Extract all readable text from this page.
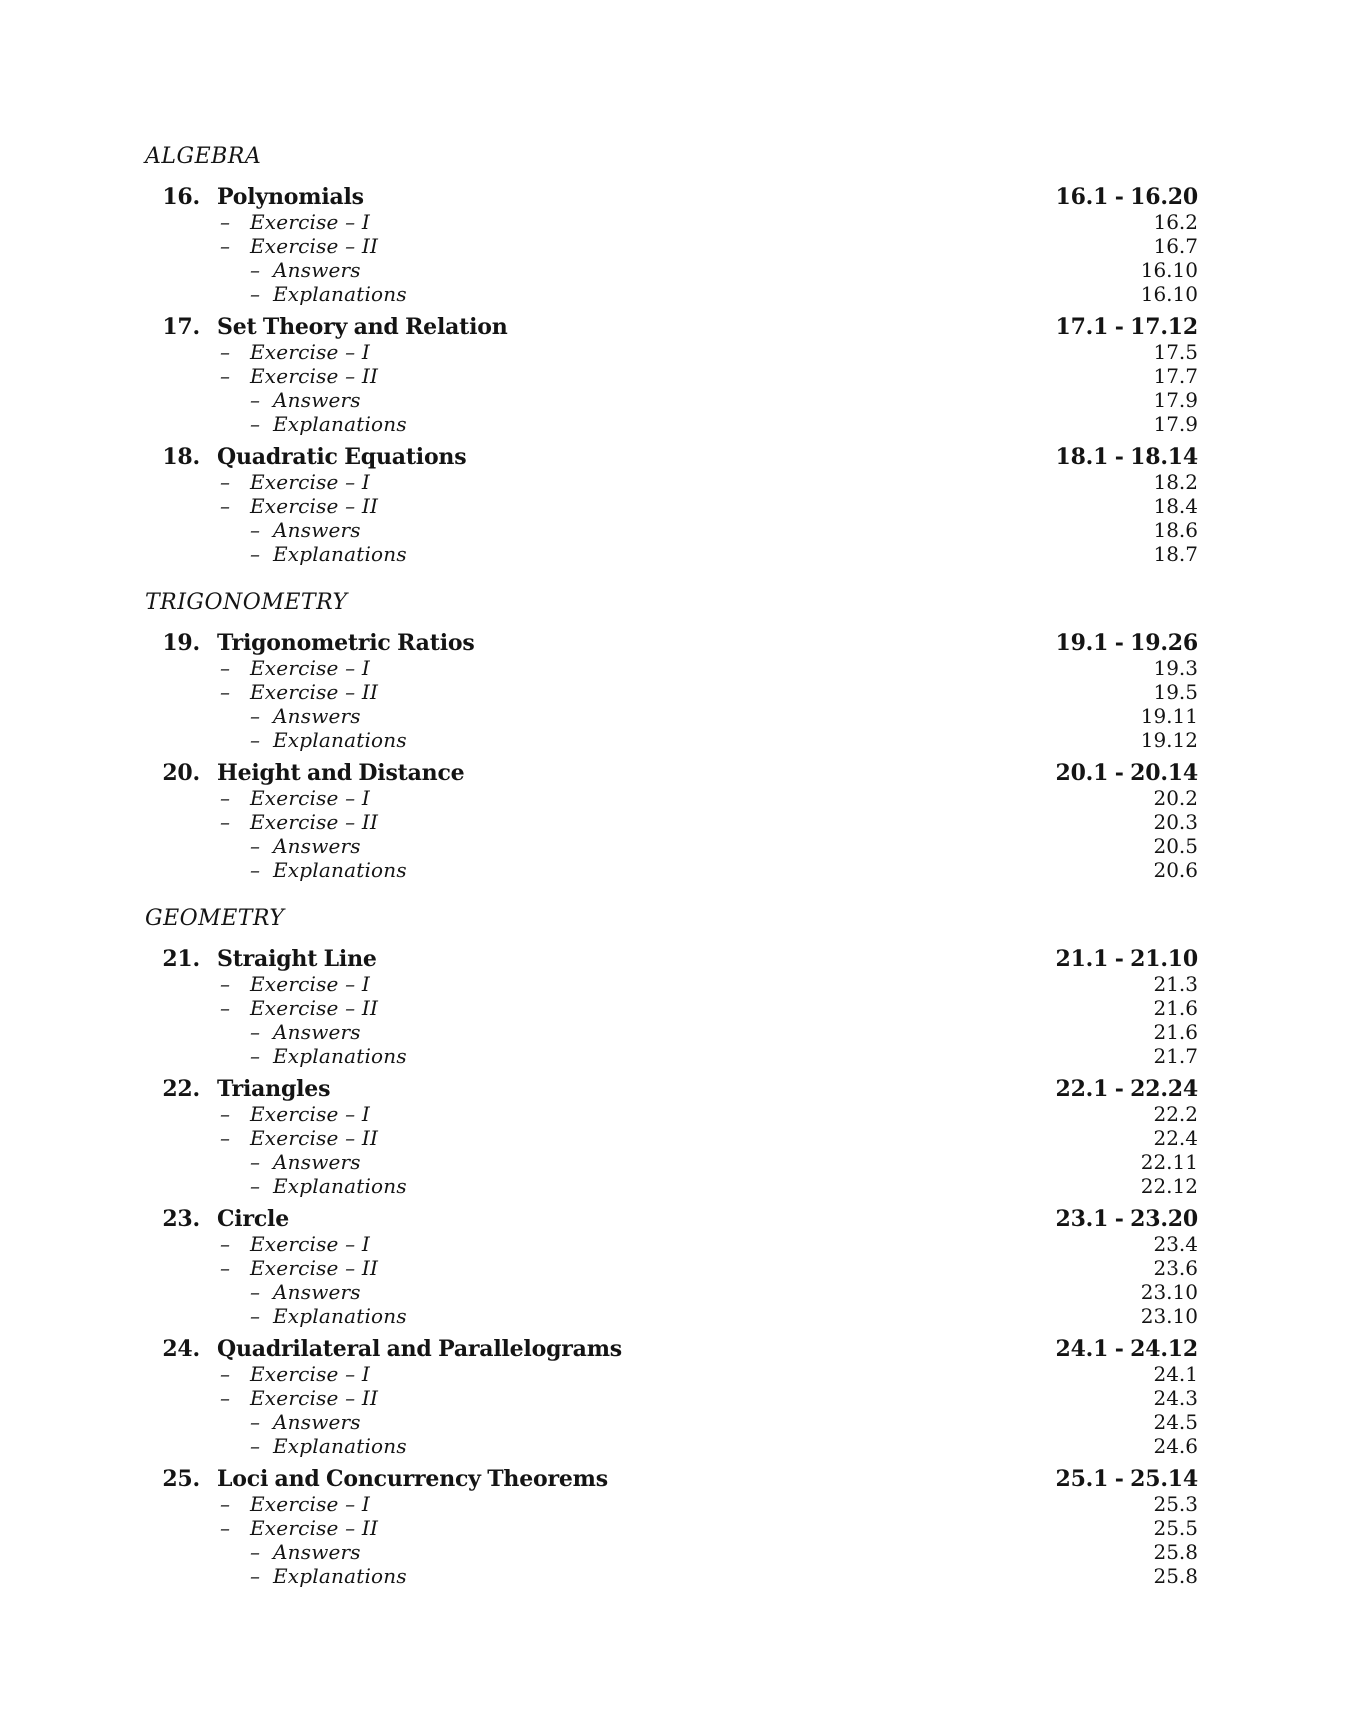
ALGEBRA
16. Polynomials	16.1 - 16.20
–	Exercise – I	16.2
–	Exercise – II	16.7
– Answers	16.10
– Explanations	16.10
17. Set Theory and Relation	17.1 - 17.12
–	Exercise – I	17.5
–	Exercise – II	17.7
– Answers	17.9
– Explanations	17.9
18. Quadratic Equations	18.1 - 18.14
–	Exercise – I	18.2
–	Exercise – II	18.4
– Answers	18.6
– Explanations	18.7
TRIGONOMETRY
19. Trigonometric Ratios	19.1 - 19.26
–	Exercise – I	19.3
–	Exercise – II	19.5
– Answers	19.11
– Explanations	19.12
20. Height and Distance	20.1 - 20.14
–	Exercise – I	20.2
–	Exercise – II	20.3
– Answers	20.5
– Explanations	20.6
GEOMETRY
21. Straight Line	21.1 - 21.10
–	Exercise – I	21.3
–	Exercise – II	21.6
– Answers	21.6
– Explanations	21.7
22. Triangles	22.1 - 22.24
–	Exercise – I	22.2
–	Exercise – II	22.4
– Answers	22.11
– Explanations	22.12
23. Circle	23.1 - 23.20
–	Exercise – I	23.4
–	Exercise – II	23.6
– Answers	23.10
– Explanations	23.10
24. Quadrilateral and Parallelograms	24.1 - 24.12
–	Exercise – I	24.1
–	Exercise – II	24.3
– Answers	24.5
– Explanations	24.6
25. Loci and Concurrency Theorems	25.1 - 25.14
–	Exercise – I	25.3
–	Exercise – II	25.5
– Answers	25.8
– Explanations	25.8
